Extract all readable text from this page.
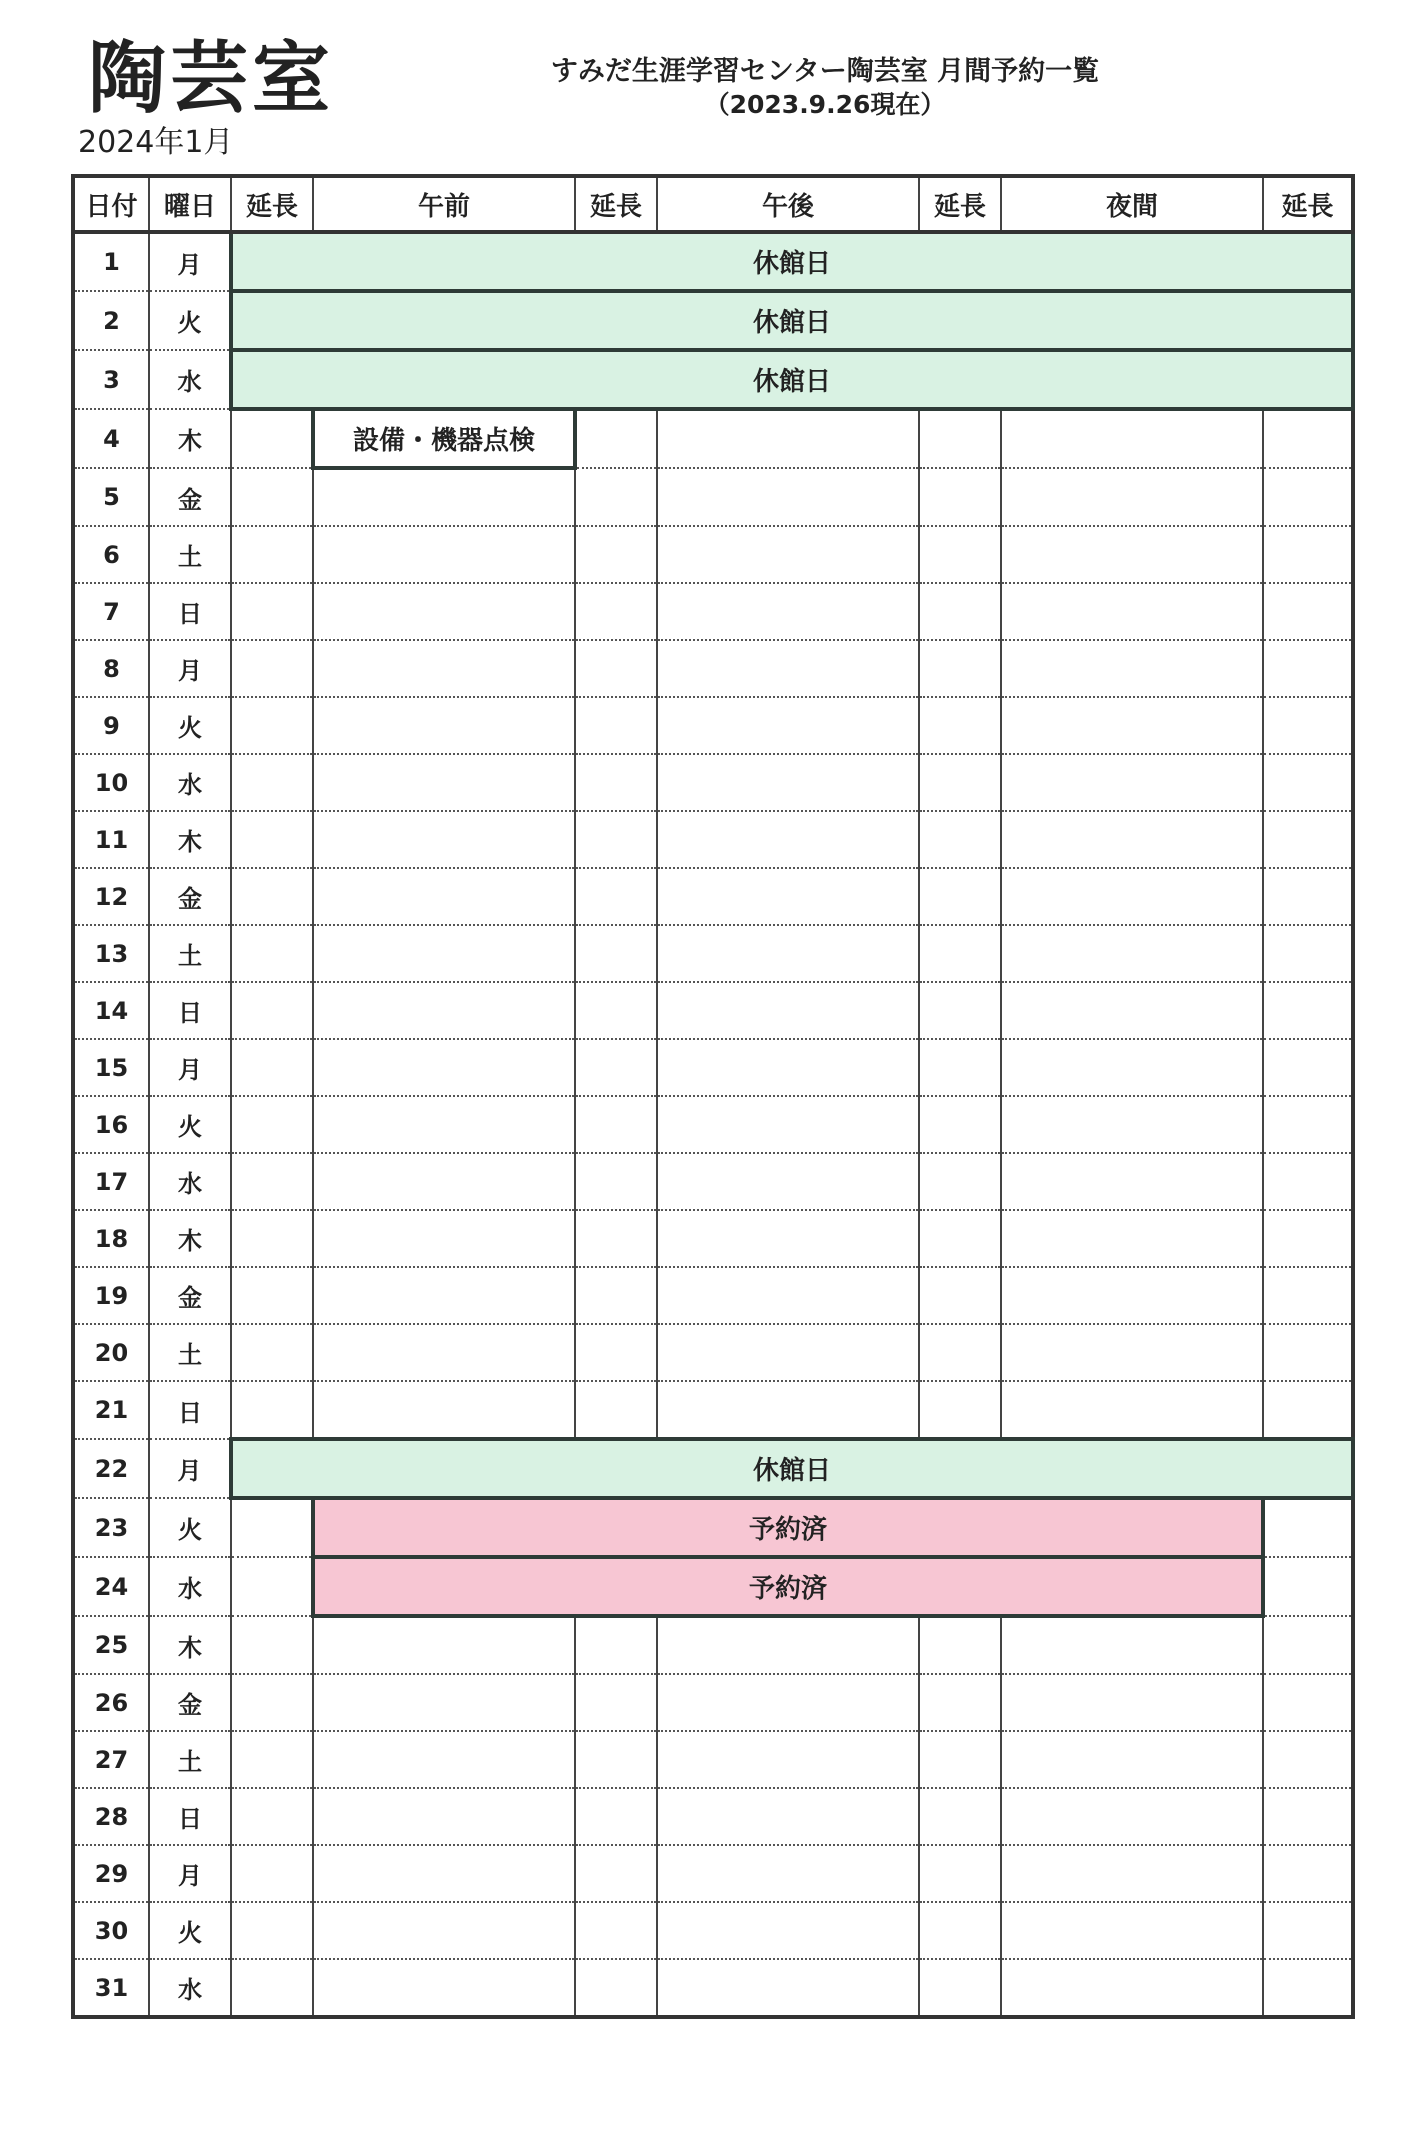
陶芸室
2024年1月
すみだ生涯学習センター陶芸室 月間予約一覧
（2023.9.26現在）
日付	曜日	延長	午前	延長	午後	延長	夜間	延長
1	月	休館日						
2	火	休館日						
3	水	休館日						
4	木		設備・機器点検					
5	金							
6	土							
7	日							
8	月							
9	火							
10	水							
11	木							
12	金							
13	土							
14	日							
15	月							
16	火							
17	水							
18	木							
19	金							
20	土							
21	日							
22	月	休館日						
23	火		予約済					
24	水		予約済					
25	木							
26	金							
27	土							
28	日							
29	月							
30	火							
31	水							
